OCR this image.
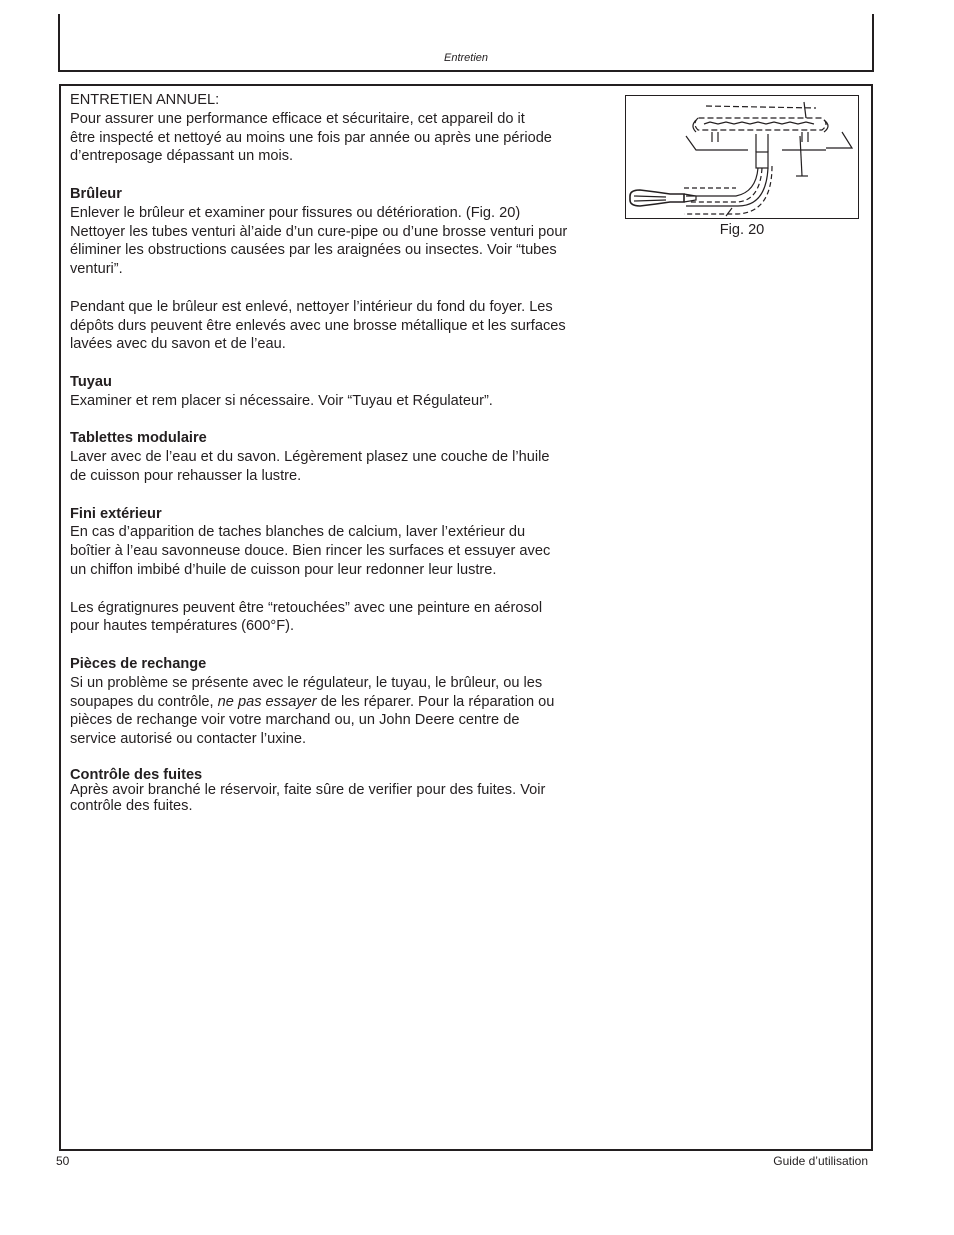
Entretien

ENTRETIEN ANNUEL:
Pour assurer une performance efficace et sécuritaire, cet appareil do it
être inspecté et nettoyé au moins une fois par année ou après une période
d’entreposage dépassant un mois.

Brûleur
Enlever le brûleur et examiner pour fissures ou détérioration. (Fig. 20)
Nettoyer les tubes venturi àl’aide d’un cure-pipe ou d’une brosse venturi pour
éliminer les obstructions causées par les araignées ou insectes. Voir “tubes
venturi”.

Pendant que le brûleur est enlevé, nettoyer l’intérieur du fond du foyer. Les
dépôts durs peuvent être enlevés avec une brosse métallique et les surfaces
lavées avec du savon et de l’eau.

Tuyau
Examiner et rem placer si nécessaire. Voir “Tuyau et Régulateur”.

Tablettes modulaire
Laver avec de l’eau et du savon. Légèrement plasez une couche de l’huile
de cuisson pour rehausser la lustre.

Fini extérieur
En cas d’apparition de taches blanches de calcium, laver l’extérieur du
boîtier à l’eau savonneuse douce. Bien rincer les surfaces et essuyer avec
un chiffon imbibé d’huile de cuisson pour leur redonner leur lustre.

Les égratignures peuvent être “retouchées” avec une peinture en aérosol
pour hautes températures (600°F).

Pièces de rechange
Si un problème se présente avec le régulateur, le tuyau, le brûleur, ou les
soupapes du contrôle, ne pas essayer de les réparer. Pour la réparation ou
pièces de rechange voir votre marchand ou, un John Deere centre de
service autorisé ou contacter l’uxine.

Contrôle des fuites
Après avoir branché le réservoir, faite sûre de verifier pour des fuites. Voir
contrôle des fuites.

Fig. 20
50	Guide d’utilisation
